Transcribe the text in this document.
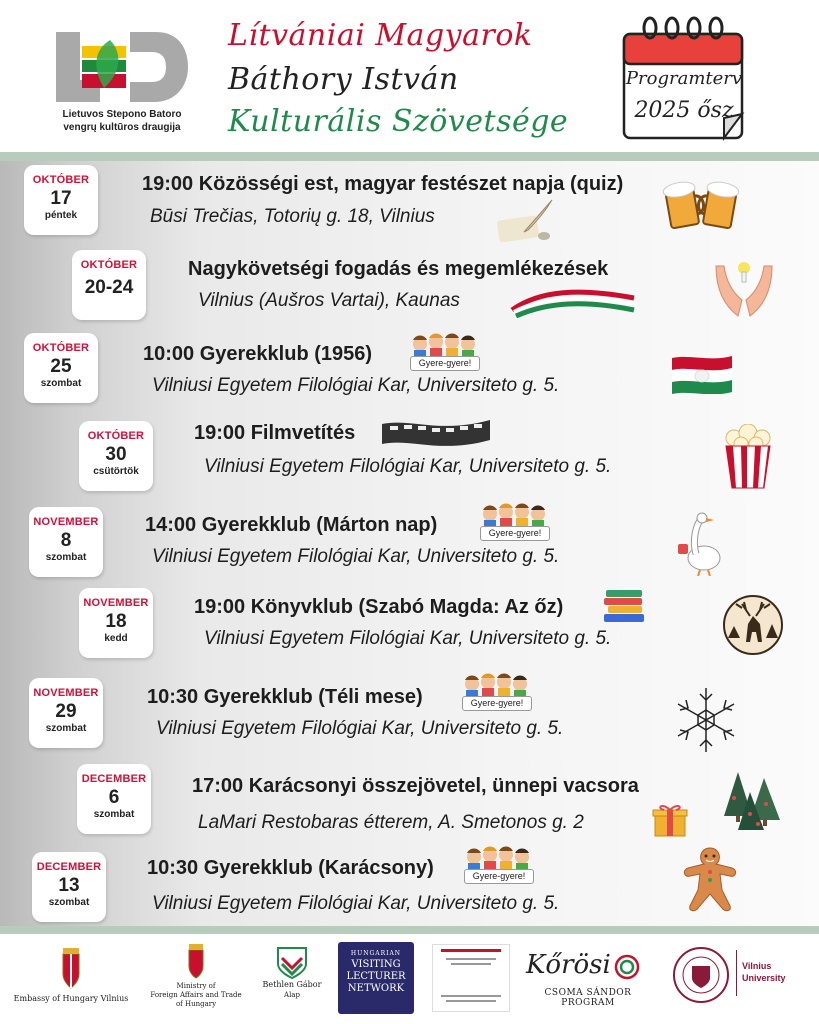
Lietuvos Stepono Batoro
vengrų kultūros draugija
Lítvániai Magyarok
Báthory István
Kulturális Szövetsége
Programterv
2025 ősz
OKTÓBER
17
péntek
19:00 Közösségi est, magyar festészet napja (quiz)
Būsi Trečias, Totorių g. 18, Vilnius
OKTÓBER
20-24
Nagykövetségi fogadás és megemlékezések
Vilnius (Aušros Vartai), Kaunas
OKTÓBER
25
szombat
10:00 Gyerekklub (1956)	Gyere-gyere!
Vilniusi Egyetem Filológiai Kar, Universiteto g. 5.
OKTÓBER
30
csütörtök
19:00 Filmvetítés
Vilniusi Egyetem Filológiai Kar, Universiteto g. 5.
NOVEMBER
8
szombat
14:00 Gyerekklub (Márton nap)	Gyere-gyere!
Vilniusi Egyetem Filológiai Kar, Universiteto g. 5.
NOVEMBER
18
kedd
19:00 Könyvklub (Szabó Magda: Az őz)
Vilniusi Egyetem Filológiai Kar, Universiteto g. 5.
NOVEMBER
29
szombat
10:30 Gyerekklub (Téli mese)	Gyere-gyere!
Vilniusi Egyetem Filológiai Kar, Universiteto g. 5.
DECEMBER
6
szombat
17:00 Karácsonyi összejövetel, ünnepi vacsora
LaMari Restobaras étterem, A. Smetonos g. 2
DECEMBER
13
szombat
10:30 Gyerekklub (Karácsony)	Gyere-gyere!
Vilniusi Egyetem Filológiai Kar, Universiteto g. 5.
Embassy of Hungary Vilnius
Ministry of
Foreign Affairs and Trade
of Hungary
Bethlen Gábor
Alap
HUNGARIAN
VISITING
LECTURER
NETWORK
Kőrösi
CSOMA SÁNDOR PROGRAM
Vilnius
University
